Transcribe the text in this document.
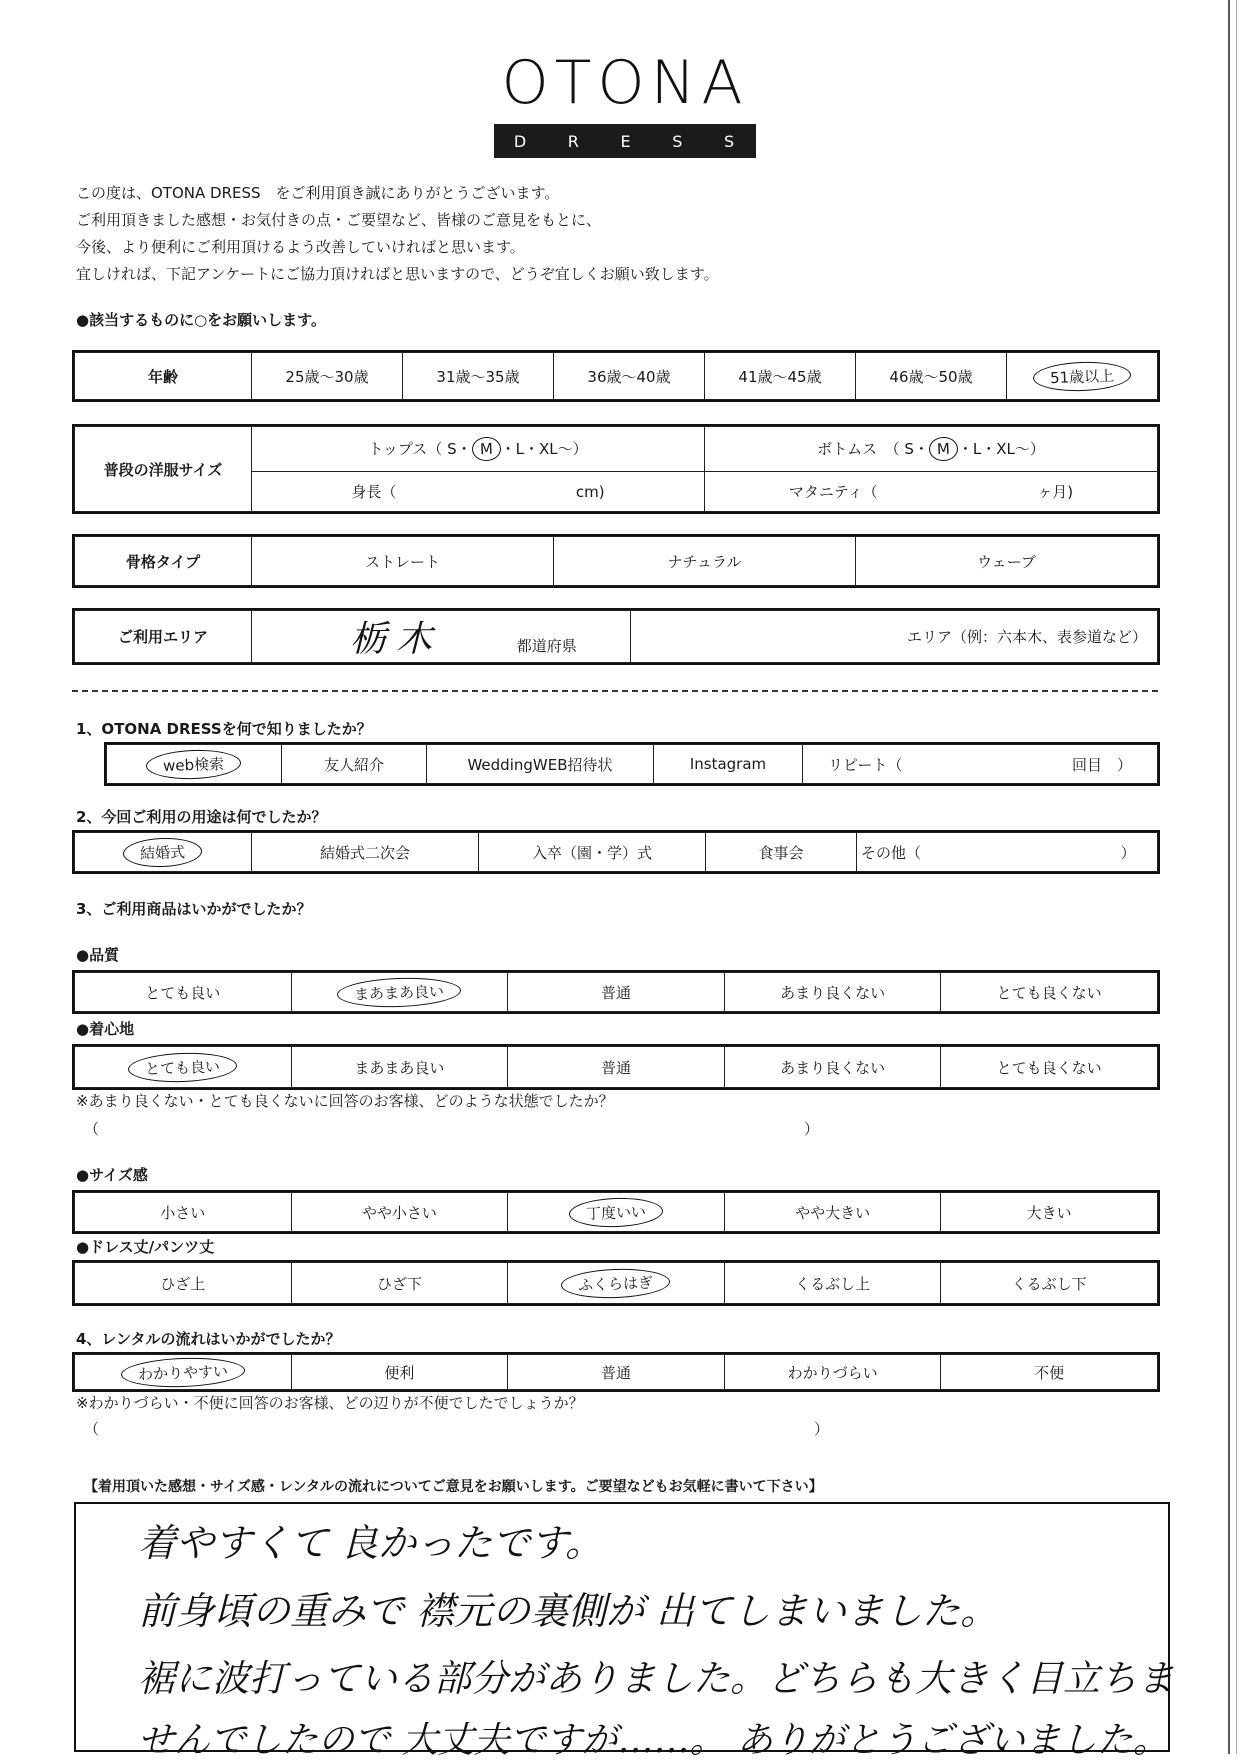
OTONA
D R E S S
この度は、OTONA DRESS　をご利用頂き誠にありがとうございます。
ご利用頂きました感想・お気付きの点・ご要望など、皆様のご意見をもとに、
今後、より便利にご利用頂けるよう改善していければと思います。
宜しければ、下記アンケートにご協力頂ければと思いますので、どうぞ宜しくお願い致します。
●該当するものに○をお願いします。
年齢	25歳～30歳	31歳～35歳	36歳～40歳	41歳～45歳	46歳～50歳	51歳以上
普段の洋服サイズ	トップス（ S・ M ・L・XL～）	ボトムス　（ S・ M ・L・XL～）
	身長（ cm)	マタニティ（ ヶ月)
骨格タイプ	ストレート	ナチュラル	ウェーブ
ご利用エリア	栃木	都道府県	エリア（例：六本木、表参道など）
1、OTONA DRESSを何で知りましたか？
web検索	友人紹介	WeddingWEB招待状	Instagram	リピート（	回目　）
2、今回ご利用の用途は何でしたか？
結婚式	結婚式二次会	入卒（園・学）式	食事会	その他（	）
3、ご利用商品はいかがでしたか？
●品質
とても良い	まあまあ良い	普通	あまり良くない	とても良くない
●着心地
とても良い	まあまあ良い	普通	あまり良くない	とても良くない
※あまり良くない・とても良くないに回答のお客様、どのような状態でしたか？
（	）
●サイズ感
小さい	やや小さい	丁度いい	やや大きい	大きい
●ドレス丈/パンツ丈
ひざ上	ひざ下	ふくらはぎ	くるぶし上	くるぶし下
4、レンタルの流れはいかがでしたか？
わかりやすい	便利	普通	わかりづらい	不便
※わかりづらい・不便に回答のお客様、どの辺りが不便でしたでしょうか？
（	）
【着用頂いた感想・サイズ感・レンタルの流れについてご意見をお願いします。ご要望などもお気軽に書いて下さい】
着やすくて 良かったです。
前身頃の重みで 襟元の裏側が 出てしまいました。
裾に波打っている部分がありました。どちらも大きく目立ちま
せんでしたので 大丈夫ですが……。 ありがとうございました。
